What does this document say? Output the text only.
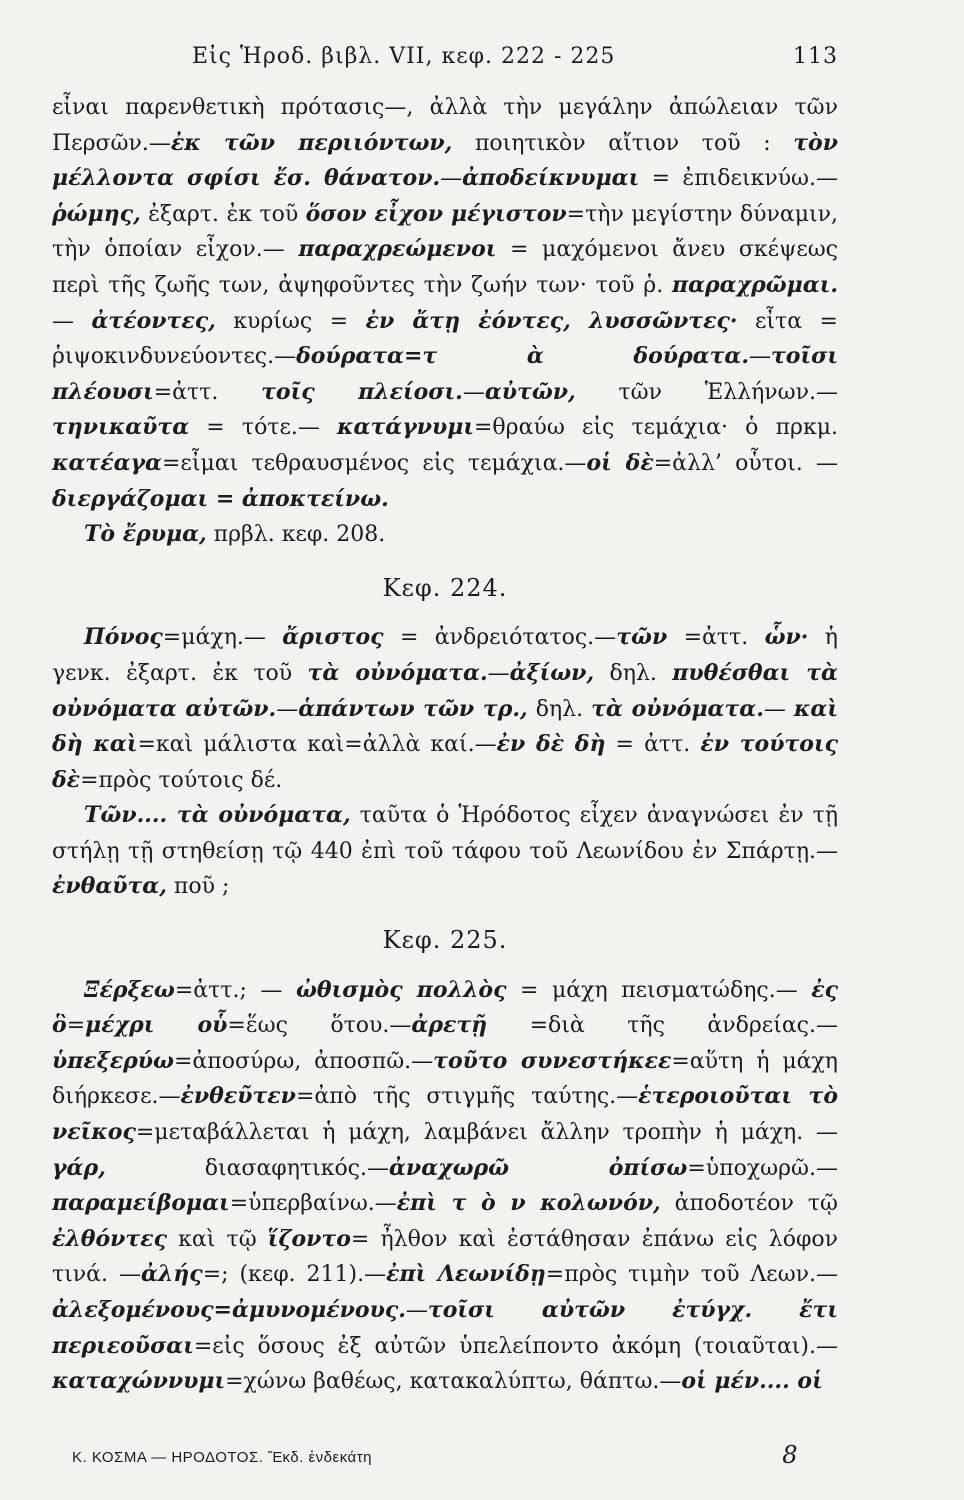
Εἰς Ἡροδ. βιβλ. VII, κεφ. 222 - 225	113

εἶναι παρενθετικὴ πρότασις—, ἀλλὰ τὴν μεγάλην ἀπώλειαν τῶν Περσῶν.—ἐκ τῶν περιιόντων, ποιητικὸν αἴτιον τοῦ : τὸν μέλλοντα σφίσι ἔσ. θάνατον.—ἀποδείκνυμαι = ἐπιδεικνύω.—ῥώμης, ἐξαρτ. ἐκ τοῦ ὅσον εἶχον μέγιστον=τὴν μεγίστην δύναμιν, τὴν ὁποίαν εἶχον.— παραχρεώμενοι = μαχόμενοι ἄνευ σκέψεως περὶ τῆς ζωῆς των, ἀψηφοῦντες τὴν ζωήν των· τοῦ ῥ. παραχρῶμαι.— ἀτέοντες, κυρίως = ἐν ἄτῃ ἐόντες, λυσσῶντες· εἶτα = ῥιψοκινδυνεύοντες.—δούρατα=τ ὰ δούρατα.—τοῖσι πλέουσι=ἀττ. τοῖς πλείοσι.—αὐτῶν, τῶν Ἑλλήνων.— τηνικαῦτα = τότε.— κατάγνυμι=θραύω εἰς τεμάχια· ὁ πρκμ. κατέαγα=εἶμαι τεθραυσμένος εἰς τεμάχια.—οἱ δὲ=ἀλλ’ οὗτοι. — διεργάζομαι = ἀποκτείνω.

Τὸ ἔρυμα, πρβλ. κεφ. 208.

Κεφ. 224.

Πόνος=μάχη.— ἄριστος = ἀνδρειότατος.—τῶν =ἀττ. ὧν· ἡ γενκ. ἐξαρτ. ἐκ τοῦ τὰ οὐνόματα.—ἀξίων, δηλ. πυθέσθαι τὰ οὐνόματα αὐτῶν.—ἁπάντων τῶν τρ., δηλ. τὰ οὐνόματα.— καὶ δὴ καὶ=καὶ μάλιστα καὶ=ἀλλὰ καί.—ἐν δὲ δὴ = ἀττ. ἐν τούτοις δὲ=πρὸς τούτοις δέ.

Τῶν.... τὰ οὐνόματα, ταῦτα ὁ Ἡρόδοτος εἶχεν ἀναγνώσει ἐν τῇ στήλῃ τῇ στηθείσῃ τῷ 440 ἐπὶ τοῦ τάφου τοῦ Λεωνίδου ἐν Σπάρτῃ.— ἐνθαῦτα, ποῦ ;

Κεφ. 225.

Ξέρξεω=ἀττ.; — ὠθισμὸς πολλὸς = μάχη πεισματώδης.— ἐς ὃ=μέχρι οὗ=ἕως ὅτου.—ἀρετῇ =διὰ τῆς ἀνδρείας.— ὑπεξερύω=ἀποσύρω, ἀποσπῶ.—τοῦτο συνεστήκεε=αὕτη ἡ μάχη διήρκεσε.—ἐνθεῦτεν=ἀπὸ τῆς στιγμῆς ταύτης.—ἑτεροιοῦται τὸ νεῖκος=μεταβάλλεται ἡ μάχη, λαμβάνει ἄλλην τροπὴν ἡ μάχη. —γάρ, διασαφητικός.—ἀναχωρῶ ὀπίσω=ὑποχωρῶ.—παραμείβομαι=ὑπερβαίνω.—ἐπὶ τ ὸ ν κολωνόν, ἀποδοτέον τῷ ἐλθόντες καὶ τῷ ἵζοντο= ἦλθον καὶ ἐστάθησαν ἐπάνω εἰς λόφον τινά. —ἀλής=; (κεφ. 211).—ἐπὶ Λεωνίδῃ=πρὸς τιμὴν τοῦ Λεων.— ἀλεξομένους=ἀμυνομένους.—τοῖσι αὐτῶν ἐτύγχ. ἔτι περιεοῦσαι=εἰς ὅσους ἐξ αὐτῶν ὑπελείποντο ἀκόμη (τοιαῦται).—καταχώννυμι=χώνω βαθέως, κατακαλύπτω, θάπτω.—οἱ μέν.... οἱ

Κ. ΚΟΣΜΑ — ΗΡΟΔΟΤΟΣ. Ἔκδ. ἑνδεκάτη	8
